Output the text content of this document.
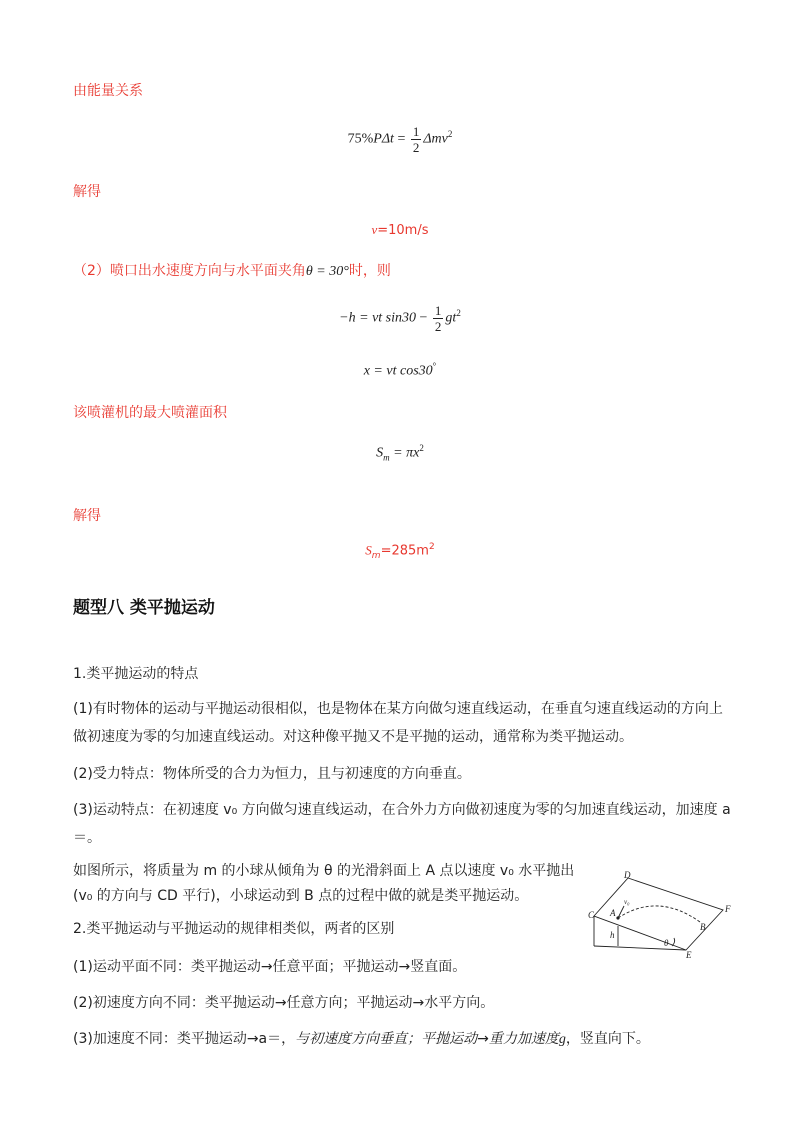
由能量关系
$75\%P\Delta t = \frac{1}{2} \Delta mv^2$
解得
v=10m/s
（2）喷口出水速度方向与水平面夹角θ = 30°时，则
−h = vt $\sin 30 - \frac{1}{2} gt^2$
x = vt cos30°
该喷灌机的最大喷灌面积
$S_m = \pi x^2$
解得
$S_m=285m^2$
题型八 类平抛运动
1.类平抛运动的特点
(1)有时物体的运动与平抛运动很相似，也是物体在某方向做匀速直线运动，在垂直匀速直线运动的方向上做初速度为零的匀加速直线运动。对这种像平抛又不是平抛的运动，通常称为类平抛运动。
(2)受力特点：物体所受的合力为恒力，且与初速度的方向垂直。
(3)运动特点：在初速度 v₀ 方向做匀速直线运动，在合外力方向做初速度为零的匀加速直线运动，加速度 a ＝。
如图所示，将质量为 m 的小球从倾角为 θ 的光滑斜面上 A 点以速度 v₀ 水平抛出
(v₀ 的方向与 CD 平行)，小球运动到 B 点的过程中做的就是类平抛运动。
2.类平抛运动与平抛运动的规律相类似，两者的区别
(1)运动平面不同：类平抛运动→任意平面；平抛运动→竖直面。
(2)初速度方向不同：类平抛运动→任意方向；平抛运动→水平方向。
(3)加速度不同：类平抛运动→a＝，与初速度方向垂直；平抛运动→重力加速度g，竖直向下。
C
D
A	F
B
E
h
θ
v₀
